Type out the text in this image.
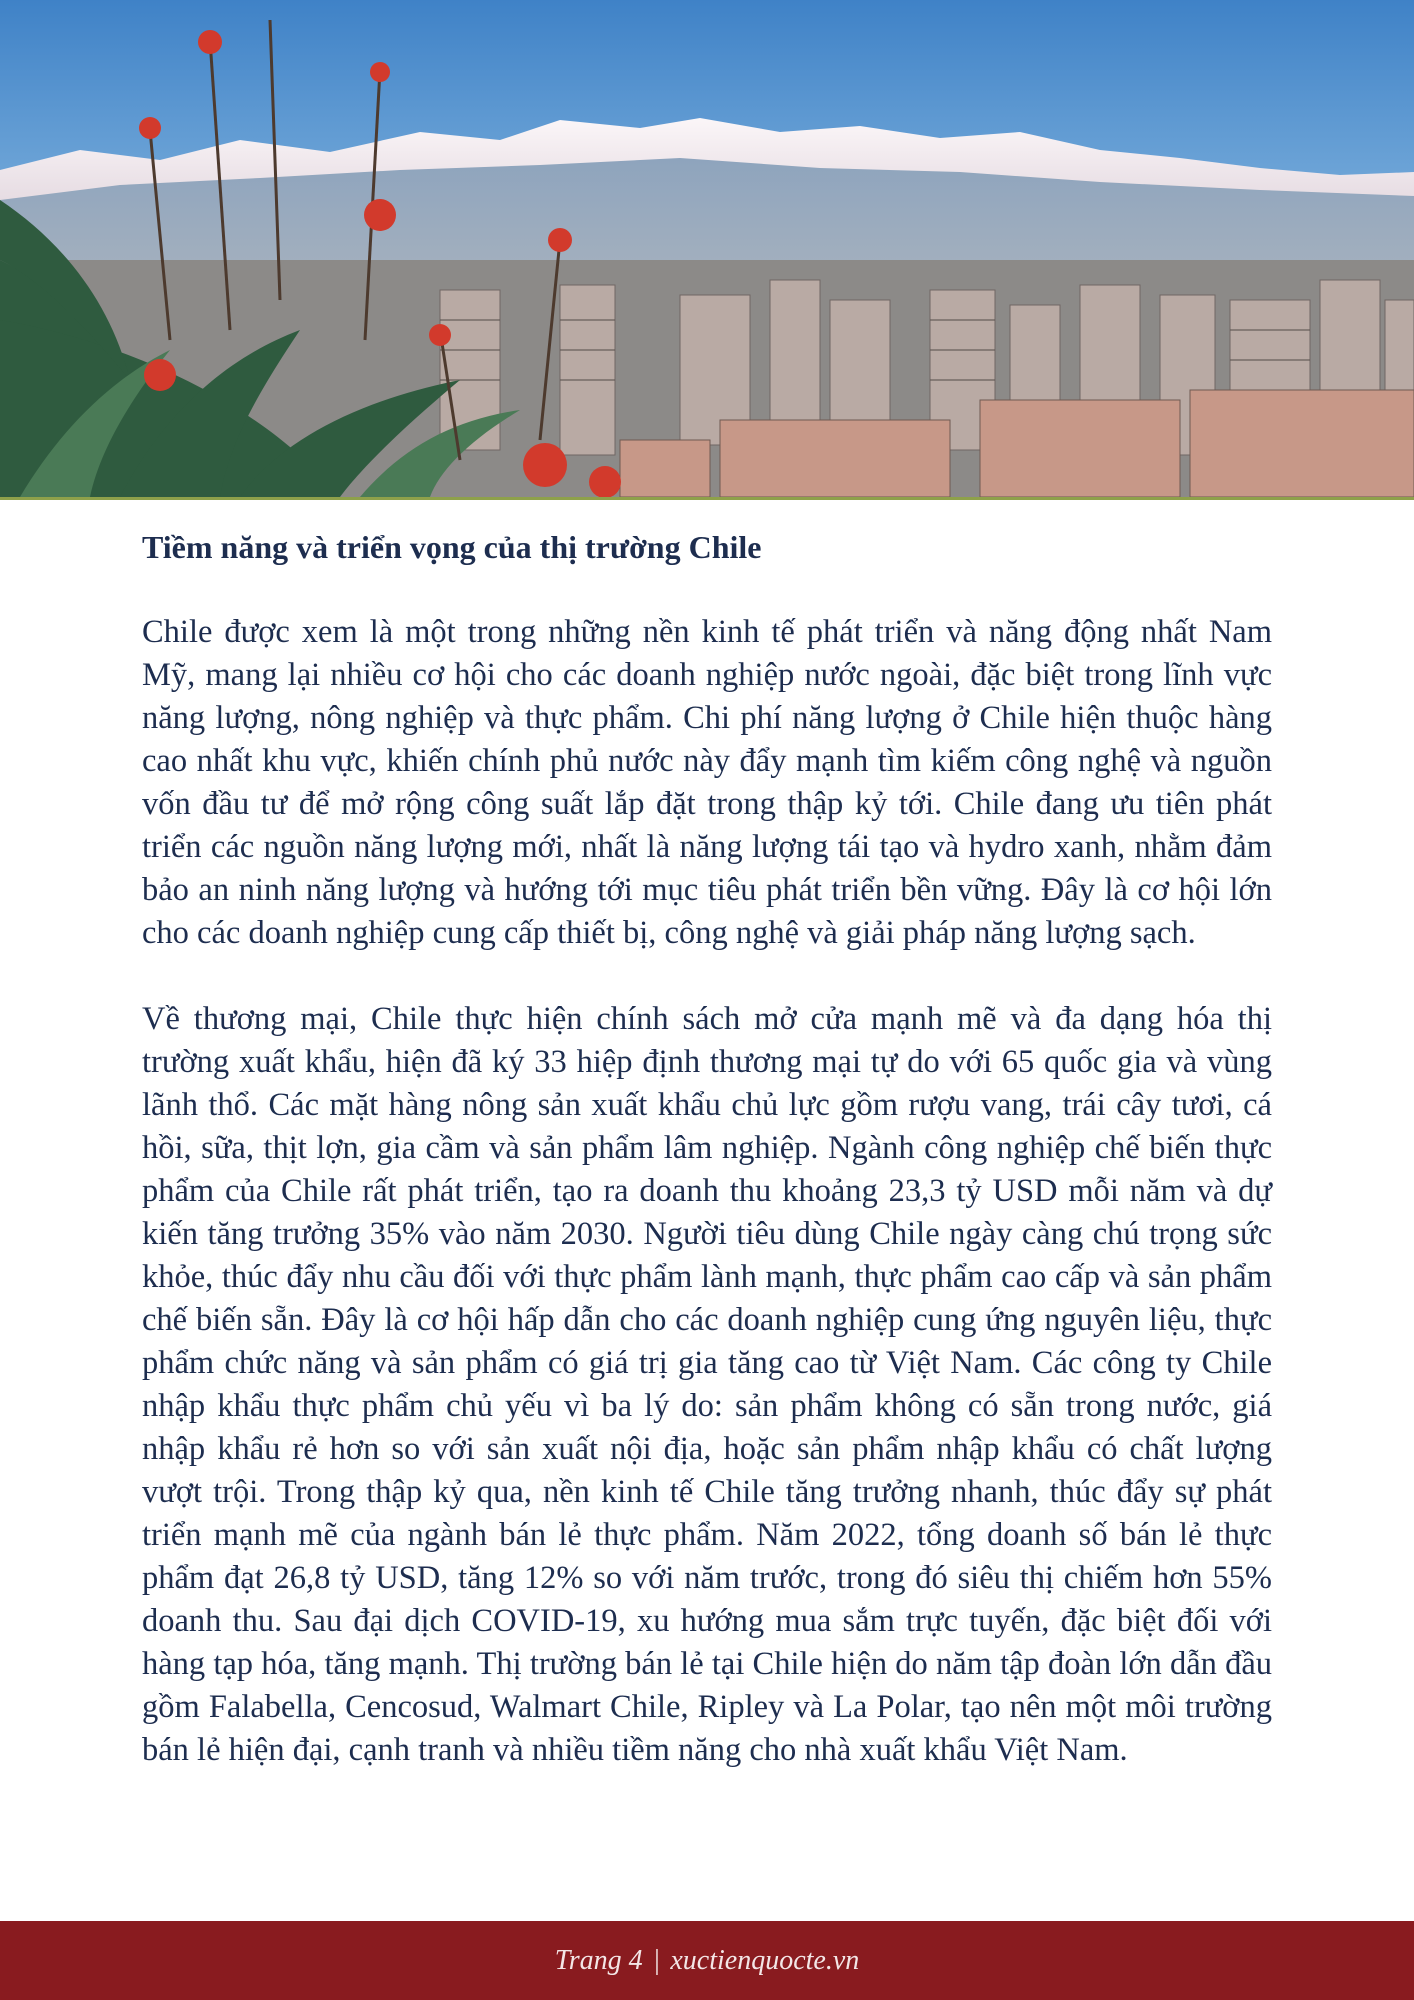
Tiềm năng và triển vọng của thị trường Chile

Chile được xem là một trong những nền kinh tế phát triển và năng động nhất Nam Mỹ, mang lại nhiều cơ hội cho các doanh nghiệp nước ngoài, đặc biệt trong lĩnh vực năng lượng, nông nghiệp và thực phẩm. Chi phí năng lượng ở Chile hiện thuộc hàng cao nhất khu vực, khiến chính phủ nước này đẩy mạnh tìm kiếm công nghệ và nguồn vốn đầu tư để mở rộng công suất lắp đặt trong thập kỷ tới. Chile đang ưu tiên phát triển các nguồn năng lượng mới, nhất là năng lượng tái tạo và hydro xanh, nhằm đảm bảo an ninh năng lượng và hướng tới mục tiêu phát triển bền vững. Đây là cơ hội lớn cho các doanh nghiệp cung cấp thiết bị, công nghệ và giải pháp năng lượng sạch.

Về thương mại, Chile thực hiện chính sách mở cửa mạnh mẽ và đa dạng hóa thị trường xuất khẩu, hiện đã ký 33 hiệp định thương mại tự do với 65 quốc gia và vùng lãnh thổ. Các mặt hàng nông sản xuất khẩu chủ lực gồm rượu vang, trái cây tươi, cá hồi, sữa, thịt lợn, gia cầm và sản phẩm lâm nghiệp. Ngành công nghiệp chế biến thực phẩm của Chile rất phát triển, tạo ra doanh thu khoảng 23,3 tỷ USD mỗi năm và dự kiến tăng trưởng 35% vào năm 2030. Người tiêu dùng Chile ngày càng chú trọng sức khỏe, thúc đẩy nhu cầu đối với thực phẩm lành mạnh, thực phẩm cao cấp và sản phẩm chế biến sẵn. Đây là cơ hội hấp dẫn cho các doanh nghiệp cung ứng nguyên liệu, thực phẩm chức năng và sản phẩm có giá trị gia tăng cao từ Việt Nam. Các công ty Chile nhập khẩu thực phẩm chủ yếu vì ba lý do: sản phẩm không có sẵn trong nước, giá nhập khẩu rẻ hơn so với sản xuất nội địa, hoặc sản phẩm nhập khẩu có chất lượng vượt trội. Trong thập kỷ qua, nền kinh tế Chile tăng trưởng nhanh, thúc đẩy sự phát triển mạnh mẽ của ngành bán lẻ thực phẩm. Năm 2022, tổng doanh số bán lẻ thực phẩm đạt 26,8 tỷ USD, tăng 12% so với năm trước, trong đó siêu thị chiếm hơn 55% doanh thu. Sau đại dịch COVID-19, xu hướng mua sắm trực tuyến, đặc biệt đối với hàng tạp hóa, tăng mạnh. Thị trường bán lẻ tại Chile hiện do năm tập đoàn lớn dẫn đầu gồm Falabella, Cencosud, Walmart Chile, Ripley và La Polar, tạo nên một môi trường bán lẻ hiện đại, cạnh tranh và nhiều tiềm năng cho nhà xuất khẩu Việt Nam.

Trang 4 | xuctienquocte.vn
